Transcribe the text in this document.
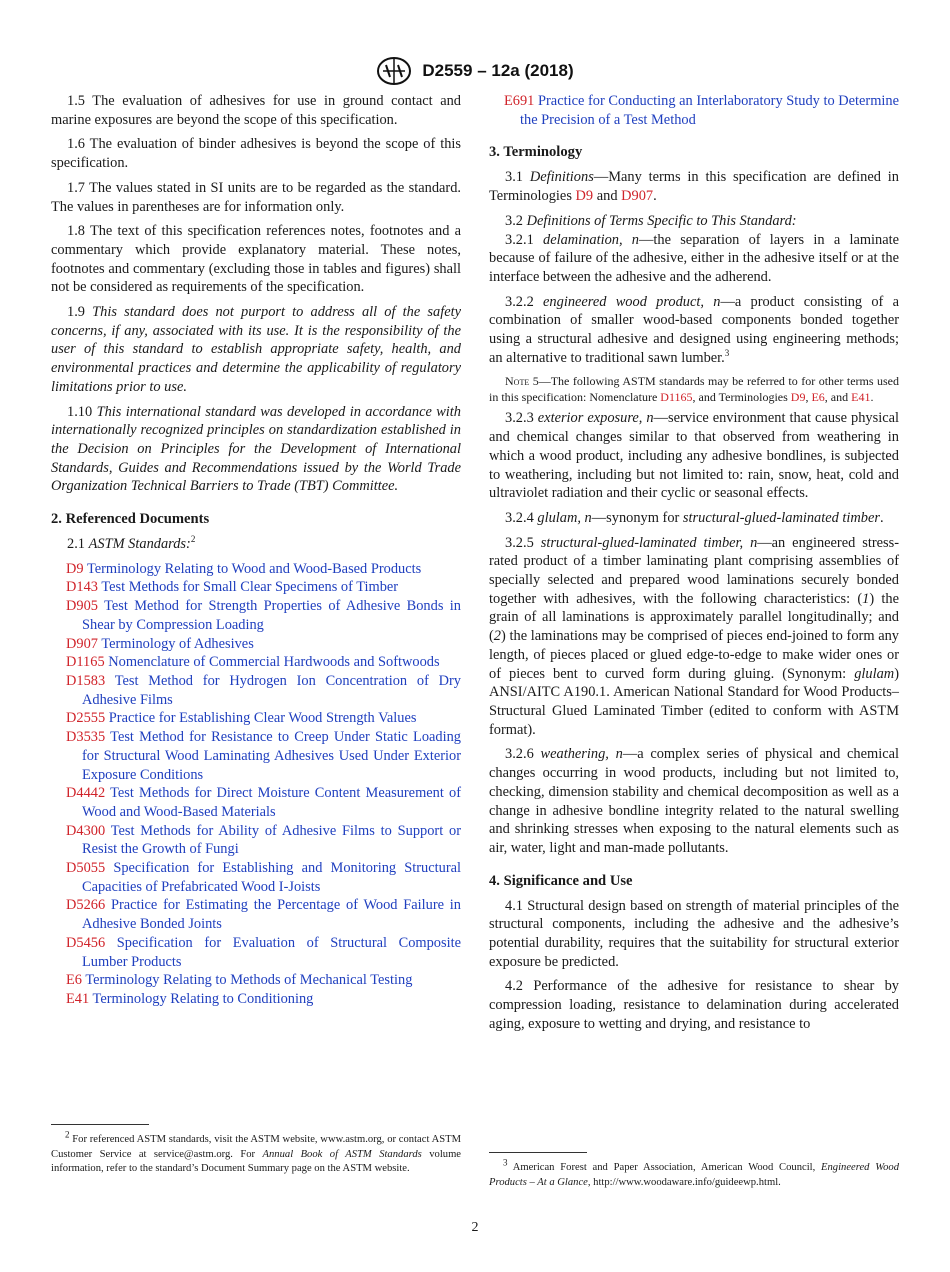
D2559 – 12a (2018)

1.5 The evaluation of adhesives for use in ground contact and marine exposures are beyond the scope of this specification.

1.6 The evaluation of binder adhesives is beyond the scope of this specification.

1.7 The values stated in SI units are to be regarded as the standard. The values in parentheses are for information only.

1.8 The text of this specification references notes, footnotes and a commentary which provide explanatory material. These notes, footnotes and commentary (excluding those in tables and figures) shall not be considered as requirements of the specification.

1.9 This standard does not purport to address all of the safety concerns, if any, associated with its use. It is the responsibility of the user of this standard to establish appropriate safety, health, and environmental practices and determine the applicability of regulatory limitations prior to use.

1.10 This international standard was developed in accordance with internationally recognized principles on standardization established in the Decision on Principles for the Development of International Standards, Guides and Recommendations issued by the World Trade Organization Technical Barriers to Trade (TBT) Committee.

2. Referenced Documents

2.1 ASTM Standards:$^2$

D9 Terminology Relating to Wood and Wood-Based Products
D143 Test Methods for Small Clear Specimens of Timber
D905 Test Method for Strength Properties of Adhesive Bonds in Shear by Compression Loading
D907 Terminology of Adhesives
D1165 Nomenclature of Commercial Hardwoods and Softwoods
D1583 Test Method for Hydrogen Ion Concentration of Dry Adhesive Films
D2555 Practice for Establishing Clear Wood Strength Values
D3535 Test Method for Resistance to Creep Under Static Loading for Structural Wood Laminating Adhesives Used Under Exterior Exposure Conditions
D4442 Test Methods for Direct Moisture Content Measurement of Wood and Wood-Based Materials
D4300 Test Methods for Ability of Adhesive Films to Support or Resist the Growth of Fungi
D5055 Specification for Establishing and Monitoring Structural Capacities of Prefabricated Wood I-Joists
D5266 Practice for Estimating the Percentage of Wood Failure in Adhesive Bonded Joints
D5456 Specification for Evaluation of Structural Composite Lumber Products
E6 Terminology Relating to Methods of Mechanical Testing
E41 Terminology Relating to Conditioning
$^2$ For referenced ASTM standards, visit the ASTM website, www.astm.org, or contact ASTM Customer Service at service@astm.org. For Annual Book of ASTM Standards volume information, refer to the standard’s Document Summary page on the ASTM website.
E691 Practice for Conducting an Interlaboratory Study to Determine the Precision of a Test Method
3. Terminology

3.1 Definitions—Many terms in this specification are defined in Terminologies D9 and D907.

3.2 Definitions of Terms Specific to This Standard:

3.2.1 delamination, n—the separation of layers in a laminate because of failure of the adhesive, either in the adhesive itself or at the interface between the adhesive and the adherend.

3.2.2 engineered wood product, n—a product consisting of a combination of smaller wood-based components bonded together using a structural adhesive and designed using engineering methods; an alternative to traditional sawn lumber.$^3$

Note 5—The following ASTM standards may be referred to for other terms used in this specification: Nomenclature D1165, and Terminologies D9, E6, and E41.

3.2.3 exterior exposure, n—service environment that cause physical and chemical changes similar to that observed from weathering in which a wood product, including any adhesive bondlines, is subjected to weathering, including but not limited to: rain, snow, heat, cold and ultraviolet radiation and their cyclic or seasonal effects.

3.2.4 glulam, n—synonym for structural-glued-laminated timber.

3.2.5 structural-glued-laminated timber, n—an engineered stress-rated product of a timber laminating plant comprising assemblies of specially selected and prepared wood laminations securely bonded together with adhesives, with the following characteristics: (1) the grain of all laminations is approximately parallel longitudinally; and (2) the laminations may be comprised of pieces end-joined to form any length, of pieces placed or glued edge-to-edge to make wider ones or of pieces bent to curved form during gluing. (Synonym: glulam) ANSI/AITC A190.1. American National Standard for Wood Products–Structural Glued Laminated Timber (edited to conform with ASTM format).

3.2.6 weathering, n—a complex series of physical and chemical changes occurring in wood products, including but not limited to, checking, dimension stability and chemical decomposition as well as a change in adhesive bondline integrity related to the natural swelling and shrinking stresses when exposing to the natural elements such as air, water, light and man-made pollutants.

4. Significance and Use

4.1 Structural design based on strength of material principles of the structural components, including the adhesive and the adhesive’s potential durability, requires that the suitability for structural exterior exposure be predicted.

4.2 Performance of the adhesive for resistance to shear by compression loading, resistance to delamination during accelerated aging, exposure to wetting and drying, and resistance to

$^3$ American Forest and Paper Association, American Wood Council, Engineered Wood Products – At a Glance, http://www.woodaware.info/guideewp.html.
2
